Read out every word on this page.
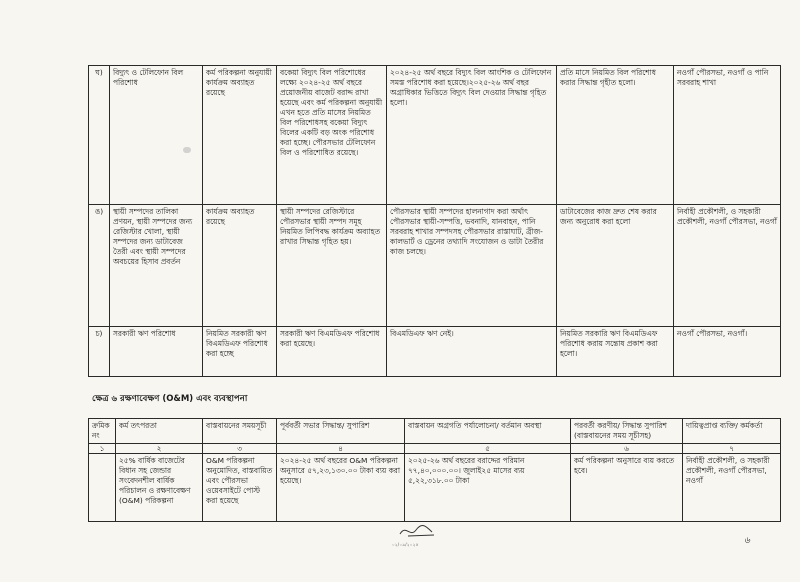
ঘ)	বিদ্যুৎ ও টেলিফোন বিল পরিশোধ	কর্ম পরিকল্পনা অনুযায়ী কার্যক্রম অব্যাহত রয়েছে	বকেয়া বিদ্যুৎ বিল পরিশোধের লক্ষ্যে ২০২৪-২৫ অর্থ বছরে প্রয়োজনীয় বাজেট বরাদ্দ রাখা হয়েছে এবং কর্ম পরিকল্পনা অনুযায়ী এখন হতে প্রতি মাসের নিয়মিত বিল পরিশোধসহ বকেয়া বিদ্যুৎ বিলের একটি বড় অংক পরিশোধ করা হচ্ছে। পৌরসভার টেলিফোন বিল ও পরিশোধিত রয়েছে।	২০২৪-২৫ অর্থ বছরে বিদ্যুৎ বিল আংশিক ও টেলিফোন সমস্ত পরিশোধ করা হয়েছে।২০২৫-২৬ অর্থ বছর অগ্রাধিকার ভিত্তিতে বিদ্যুৎ বিল দেওয়ার সিদ্ধান্ত গৃহিত হলো।	প্রতি মাসে নিয়মিত বিল পরিশোধ করার সিদ্ধান্ত গৃহীত হলো।	নওগাঁ পৌরসভা, নওগাঁ ও পানি সরবরাহ শাখা
ঙ)	স্থায়ী সম্পদের তালিকা প্রণয়ন, স্থায়ী সম্পদের জন্য রেজিস্টার খোলা, স্থায়ী সম্পদের জন্য ডাটাবেজ তৈরী এবং স্থায়ী সম্পদের অবচয়ের হিসাব প্রবর্তন	কার্যক্রম অব্যাহত রয়েছে	স্থায়ী সম্পদের রেজিস্টারে পৌরসভার স্থায়ী সম্পদ সমূহ নিয়মিত লিপিবদ্ধ কার্যক্রম অব্যাহত রাখার সিদ্ধান্ত গৃহিত হয়।	পৌরসভার স্থায়ী সম্পদের হালনাগাদ করা অর্থাৎ পৌরসভার স্থায়ী-সম্পত্তি, ভবনাদি, যানবাহন, পানি সরবরাহ শাখার সম্পদসহ পৌরসভার রাস্তাঘাট, ব্রীজ-কালভার্ট ও ড্রেনের তথ্যাদি সংযোজন ও ডাটা তৈরীর কাজ চলছে।	ডাটাবেজের কাজ দ্রুত শেষ করার জন্য অনুরোধ করা হলো	নির্বাহী প্রকৌশলী, ও সহকারী প্রকৌশলী, নওগাঁ পৌরসভা, নওগাঁ
চ)	সরকারী ঋণ পরিশোধ	নিয়মিত সরকারী ঋণ বিএমডিএফ পরিশোধ করা হচ্ছে	সরকারী ঋণ বিএমডিএফ পরিশোধ করা হয়েছে।	বিএমডিএফ ঋণ নেই।	নিয়মিত সরকারি ঋণ বিএমডিএফ পরিশোধ করায় সন্তোষ প্রকাশ করা হলো।	নওগাঁ পৌরসভা, নওগাঁ।
ক্ষেত্র ৬ রক্ষণাবেক্ষণ (O&M) এবং ব্যবস্থাপনা
ক্রমিক নং	কর্ম তৎপরতা	বাস্তবায়নের সময়সূচী	পূর্ববর্তী সভার সিদ্ধান্ত/ সুপারিশ	বাস্তবায়ন অগ্রগতি পর্যালোচনা/ বর্তমান অবস্থা	পরবর্তী করণীয়/ সিদ্ধান্ত সুপারিশ (বাস্তবায়নের সময় সূচীসহ)	দায়িত্বপ্রাপ্ত ব্যক্তি/ কর্মকর্তা
১	২	৩	৪	৫	৬	৭
	২৫% বার্ষিক বাজেটের বিধান সহ জেন্ডার সংবেদনশীল বার্ষিক পরিচালন ও রক্ষণাবেক্ষণ (O&M) পরিকল্পনা	O&M পরিকল্পনা অনুমোদিত, বাস্তবায়িত এবং পৌরসভা ওয়েবসাইটে পোস্ট করা হয়েছে	২০২৪-২৫ অর্থ বছরের O&M পরিকল্পনা অনুসারে ৫৭,২৩,১৩০.০০ টাকা ব্যয় করা হয়েছে।	২০২৫-২৬ অর্থ বছরের বরাদ্দের পরিমান ৭৭,৪০,০০০.০০। জুলাই২৫ মাসের ব্যয় ৫,২২,৩১৮.০০ টাকা	কর্ম পরিকল্পনা অনুসারে ব্যয় করতে হবে।	নির্বাহী প্রকৌশলী, ও সহকারী প্রকৌশলী, নওগাঁ পৌরসভা, নওগাঁ
০২/০৯/২০২৫	৬
